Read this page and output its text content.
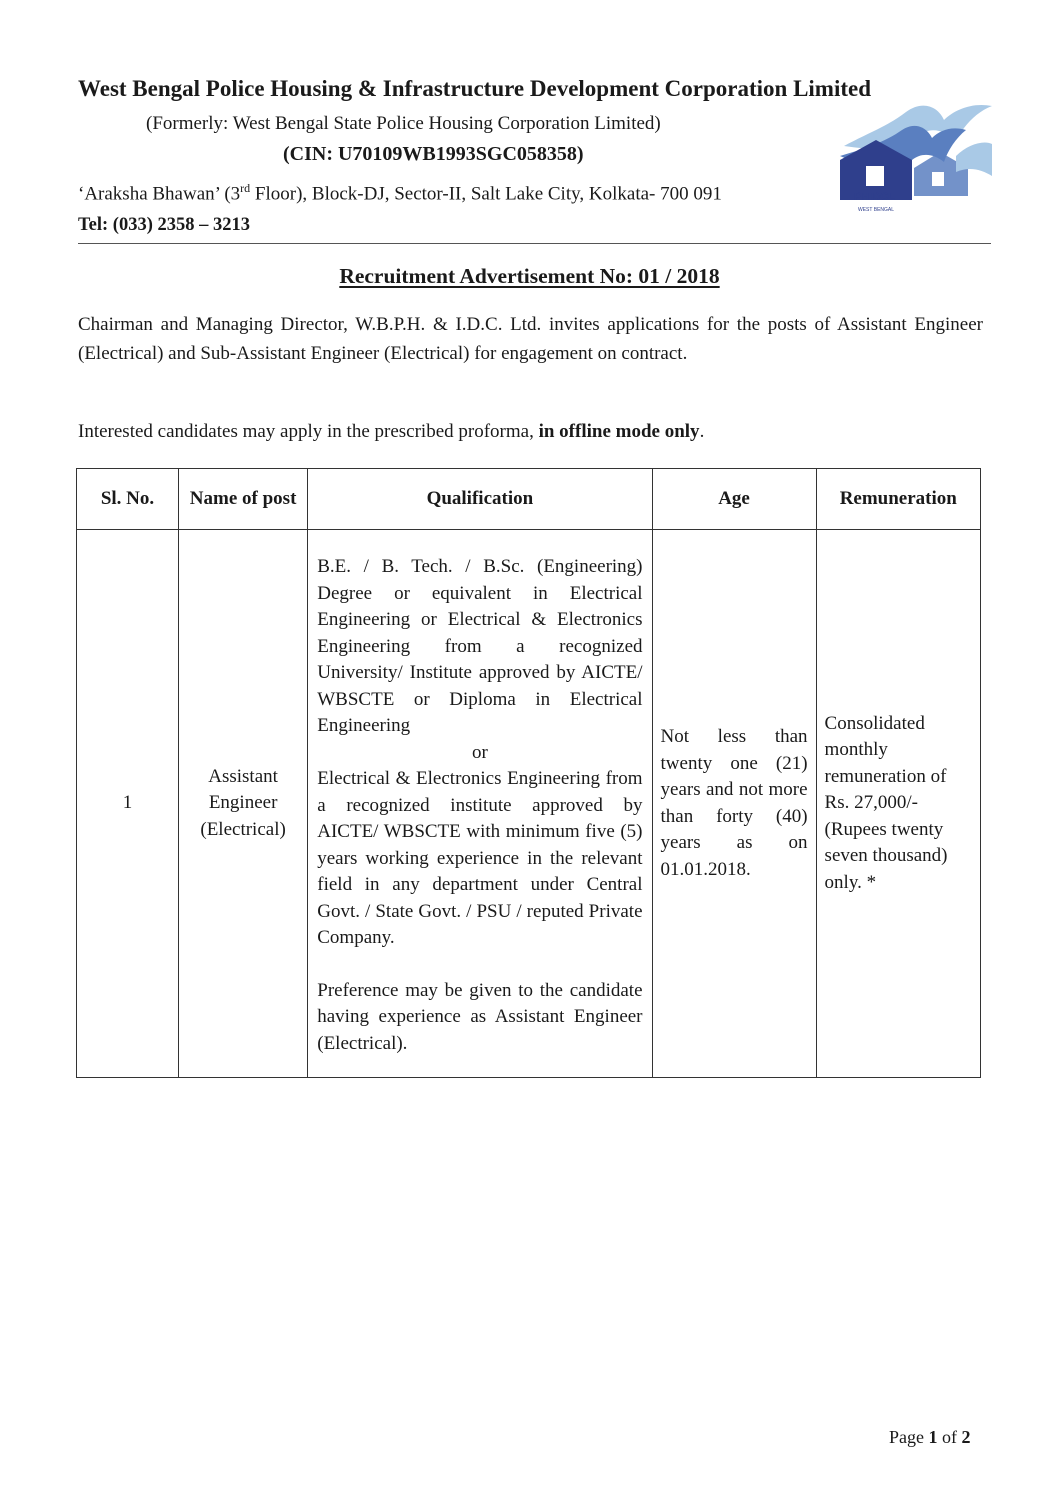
West Bengal Police Housing & Infrastructure Development Corporation Limited
(Formerly: West Bengal State Police Housing Corporation Limited)
(CIN: U70109WB1993SGC058358)
‘Araksha Bhawan’ (3rd Floor), Block-DJ, Sector-II, Salt Lake City, Kolkata- 700 091
Tel: (033) 2358 – 3213
PHIDCL
WEST BENGAL
Recruitment Advertisement No: 01 / 2018
Chairman and Managing Director, W.B.P.H. & I.D.C. Ltd. invites applications for the posts of Assistant Engineer (Electrical) and Sub-Assistant Engineer (Electrical) for engagement on contract.
Interested candidates may apply in the prescribed proforma, in offline mode only.
Sl. No.	Name of post	Qualification	Age	Remuneration
1	Assistant Engineer (Electrical)	B.E. / B. Tech. / B.Sc. (Engineering) Degree or equivalent in Electrical Engineering or Electrical & Electronics Engineering from a recognized University/ Institute approved by AICTE/ WBSCTE or Diploma in Electrical Engineering

or

Electrical & Electronics Engineering from a recognized institute approved by AICTE/ WBSCTE with minimum five (5) years working experience in the relevant field in any department under Central Govt. / State Govt. / PSU / reputed Private Company.

Preference may be given to the candidate having experience as Assistant Engineer (Electrical).	Not less than twenty one (21) years and not more than forty (40) years as on 01.01.2018.	Consolidated monthly remuneration of Rs. 27,000/- (Rupees twenty seven thousand) only. *
Page 1 of 2
